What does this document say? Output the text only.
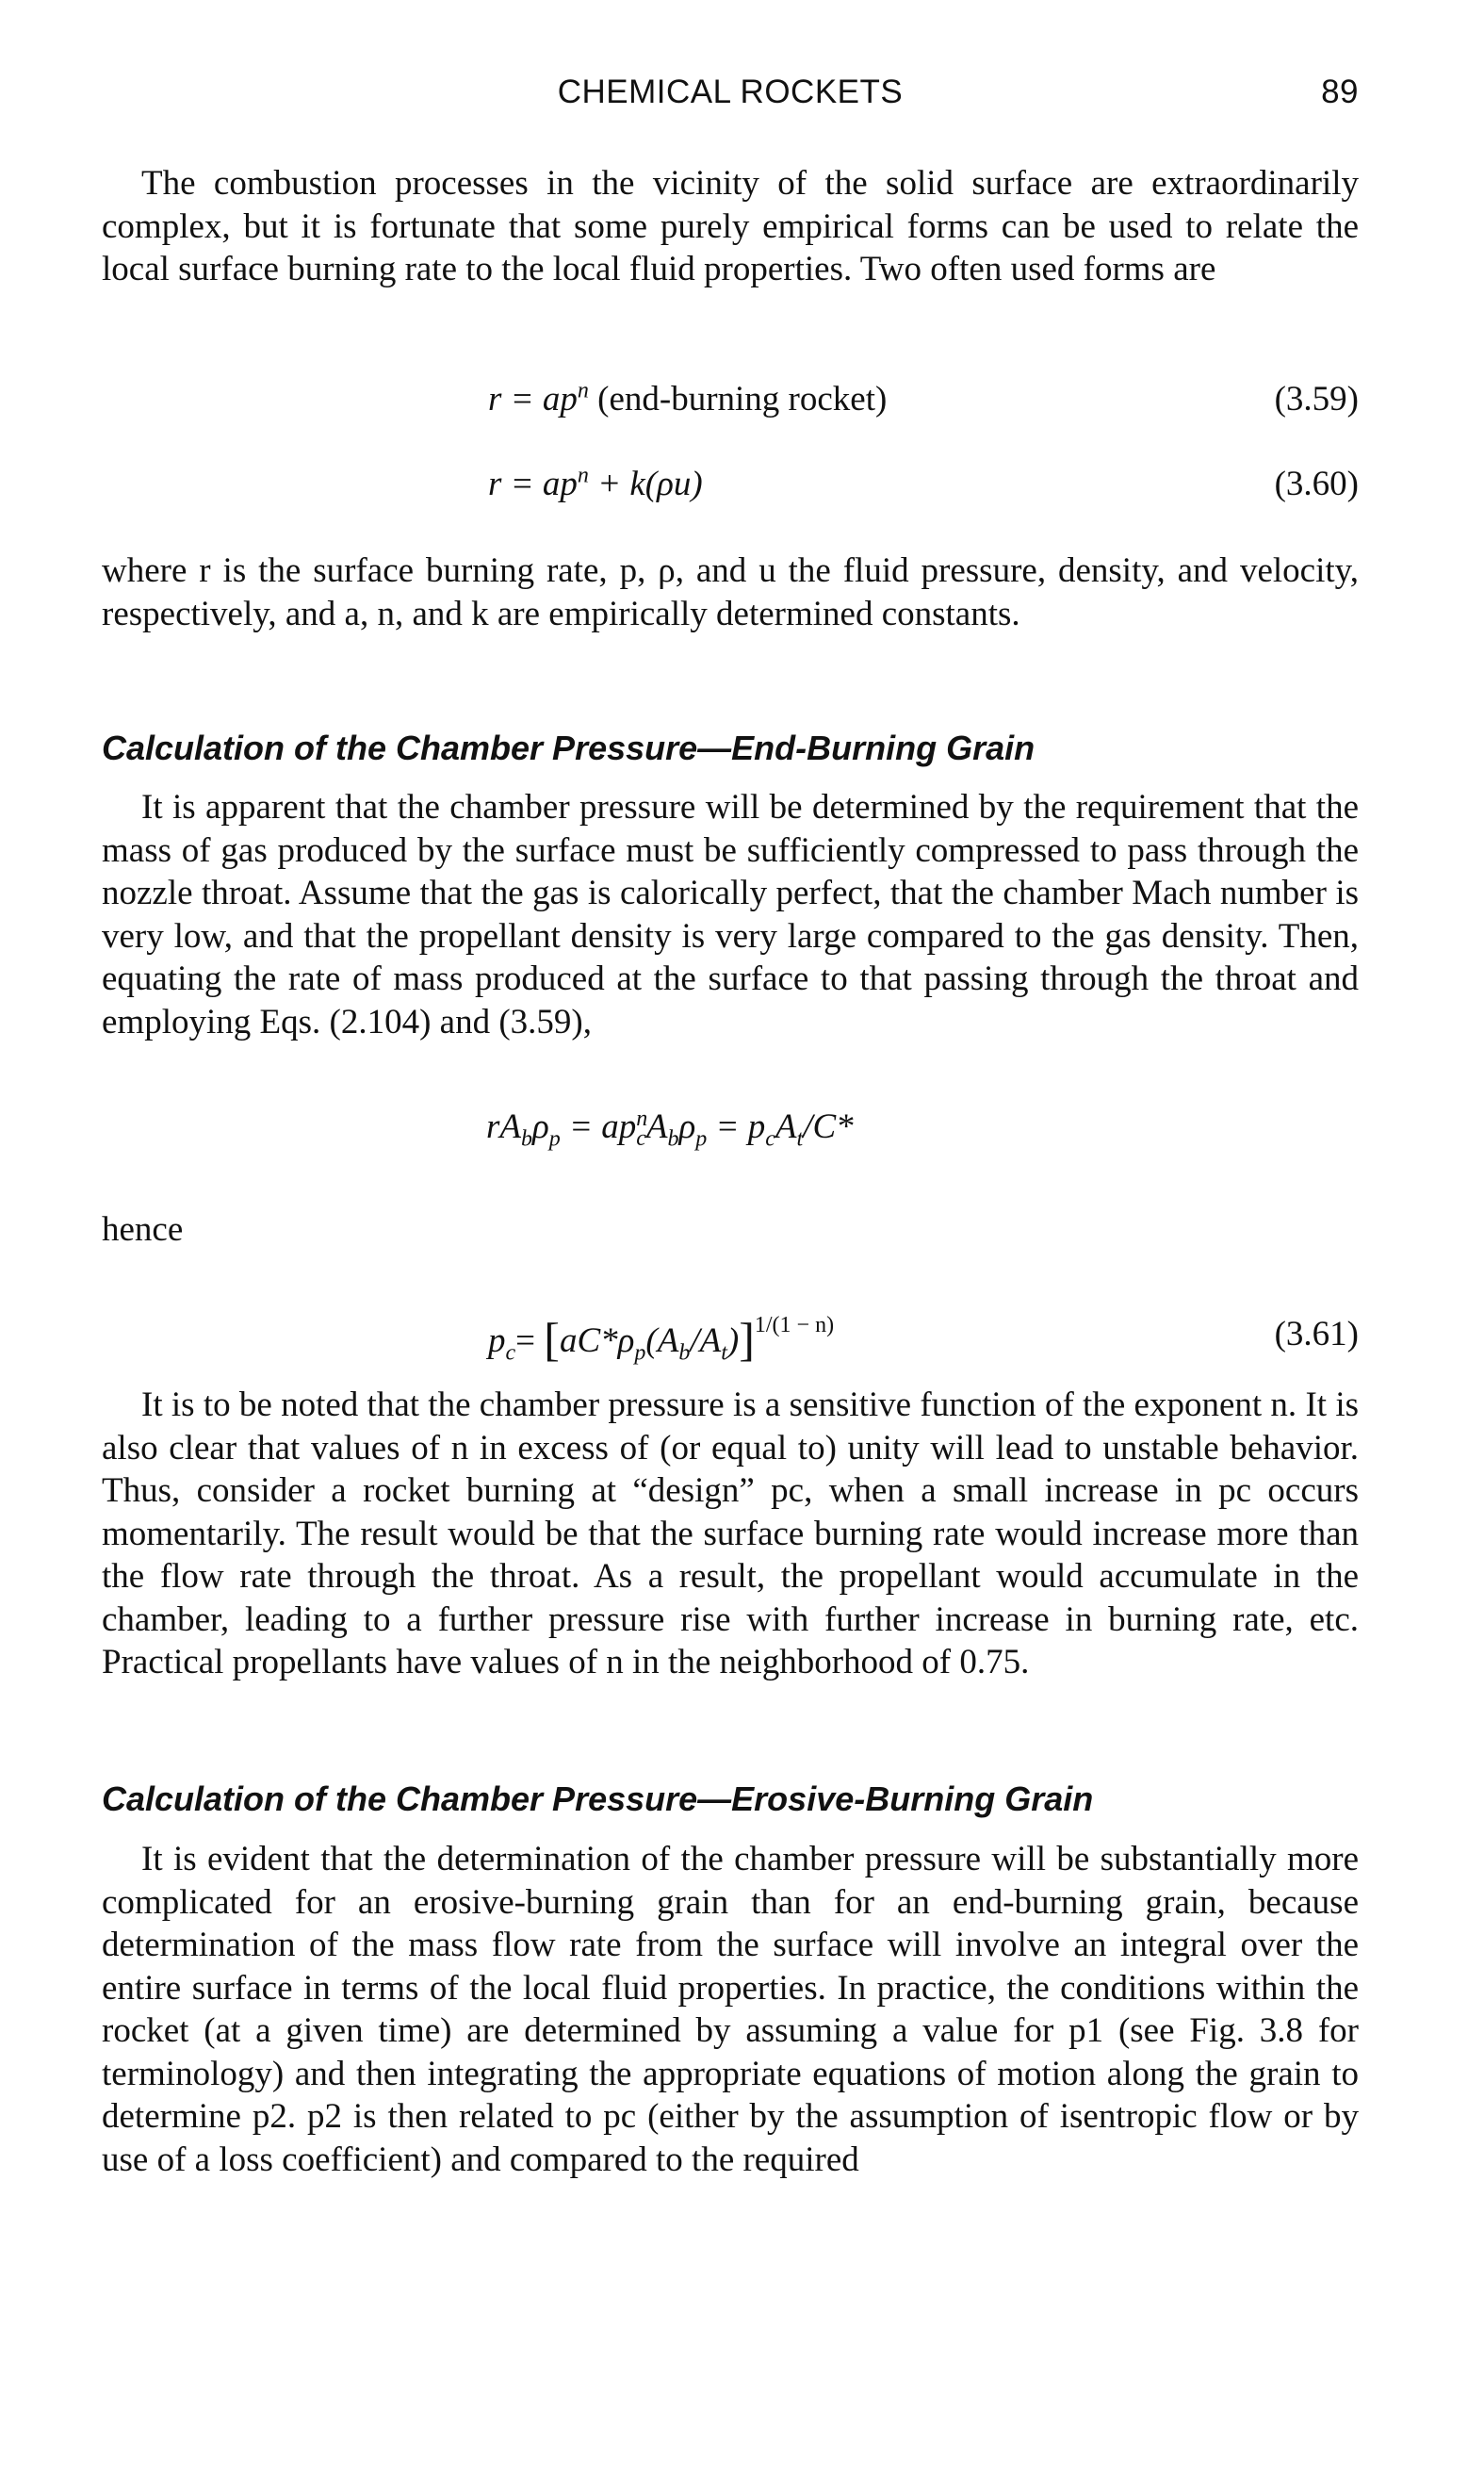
CHEMICAL ROCKETS	89

The combustion processes in the vicinity of the solid surface are extraordinarily complex, but it is fortunate that some purely empirical forms can be used to relate the local surface burning rate to the local fluid properties. Two often used forms are

$r = ap^n$ (end-burning rocket)	(3.59)
$r = ap^n + k(\rho u)$	(3.60)

where r is the surface burning rate, p, ρ, and u the fluid pressure, density, and velocity, respectively, and a, n, and k are empirically determined constants.

Calculation of the Chamber Pressure—End-Burning Grain

It is apparent that the chamber pressure will be determined by the requirement that the mass of gas produced by the surface must be sufficiently compressed to pass through the nozzle throat. Assume that the gas is calorically perfect, that the chamber Mach number is very low, and that the propellant density is very large compared to the gas density. Then, equating the rate of mass produced at the surface to that passing through the throat and employing Eqs. (2.104) and (3.59),

$rA_b\rho_p = ap^n_cA_b\rho_p = p_cA_t/C*$
hence
$p_c= [aC*\rho_p(A_b/A_t)]^{1/(1 - n)}$	(3.61)

It is to be noted that the chamber pressure is a sensitive function of the exponent n. It is also clear that values of n in excess of (or equal to) unity will lead to unstable behavior. Thus, consider a rocket burning at “design” pc, when a small increase in pc occurs momentarily. The result would be that the surface burning rate would increase more than the flow rate through the throat. As a result, the propellant would accumulate in the chamber, leading to a further pressure rise with further increase in burning rate, etc. Practical propellants have values of n in the neighborhood of 0.75.

Calculation of the Chamber Pressure—Erosive-Burning Grain

It is evident that the determination of the chamber pressure will be substantially more complicated for an erosive-burning grain than for an end-burning grain, because determination of the mass flow rate from the surface will involve an integral over the entire surface in terms of the local fluid properties. In practice, the conditions within the rocket (at a given time) are determined by assuming a value for p1 (see Fig. 3.8 for terminology) and then integrating the appropriate equations of motion along the grain to determine p2. p2 is then related to pc (either by the assumption of isentropic flow or by use of a loss coefficient) and compared to the required
